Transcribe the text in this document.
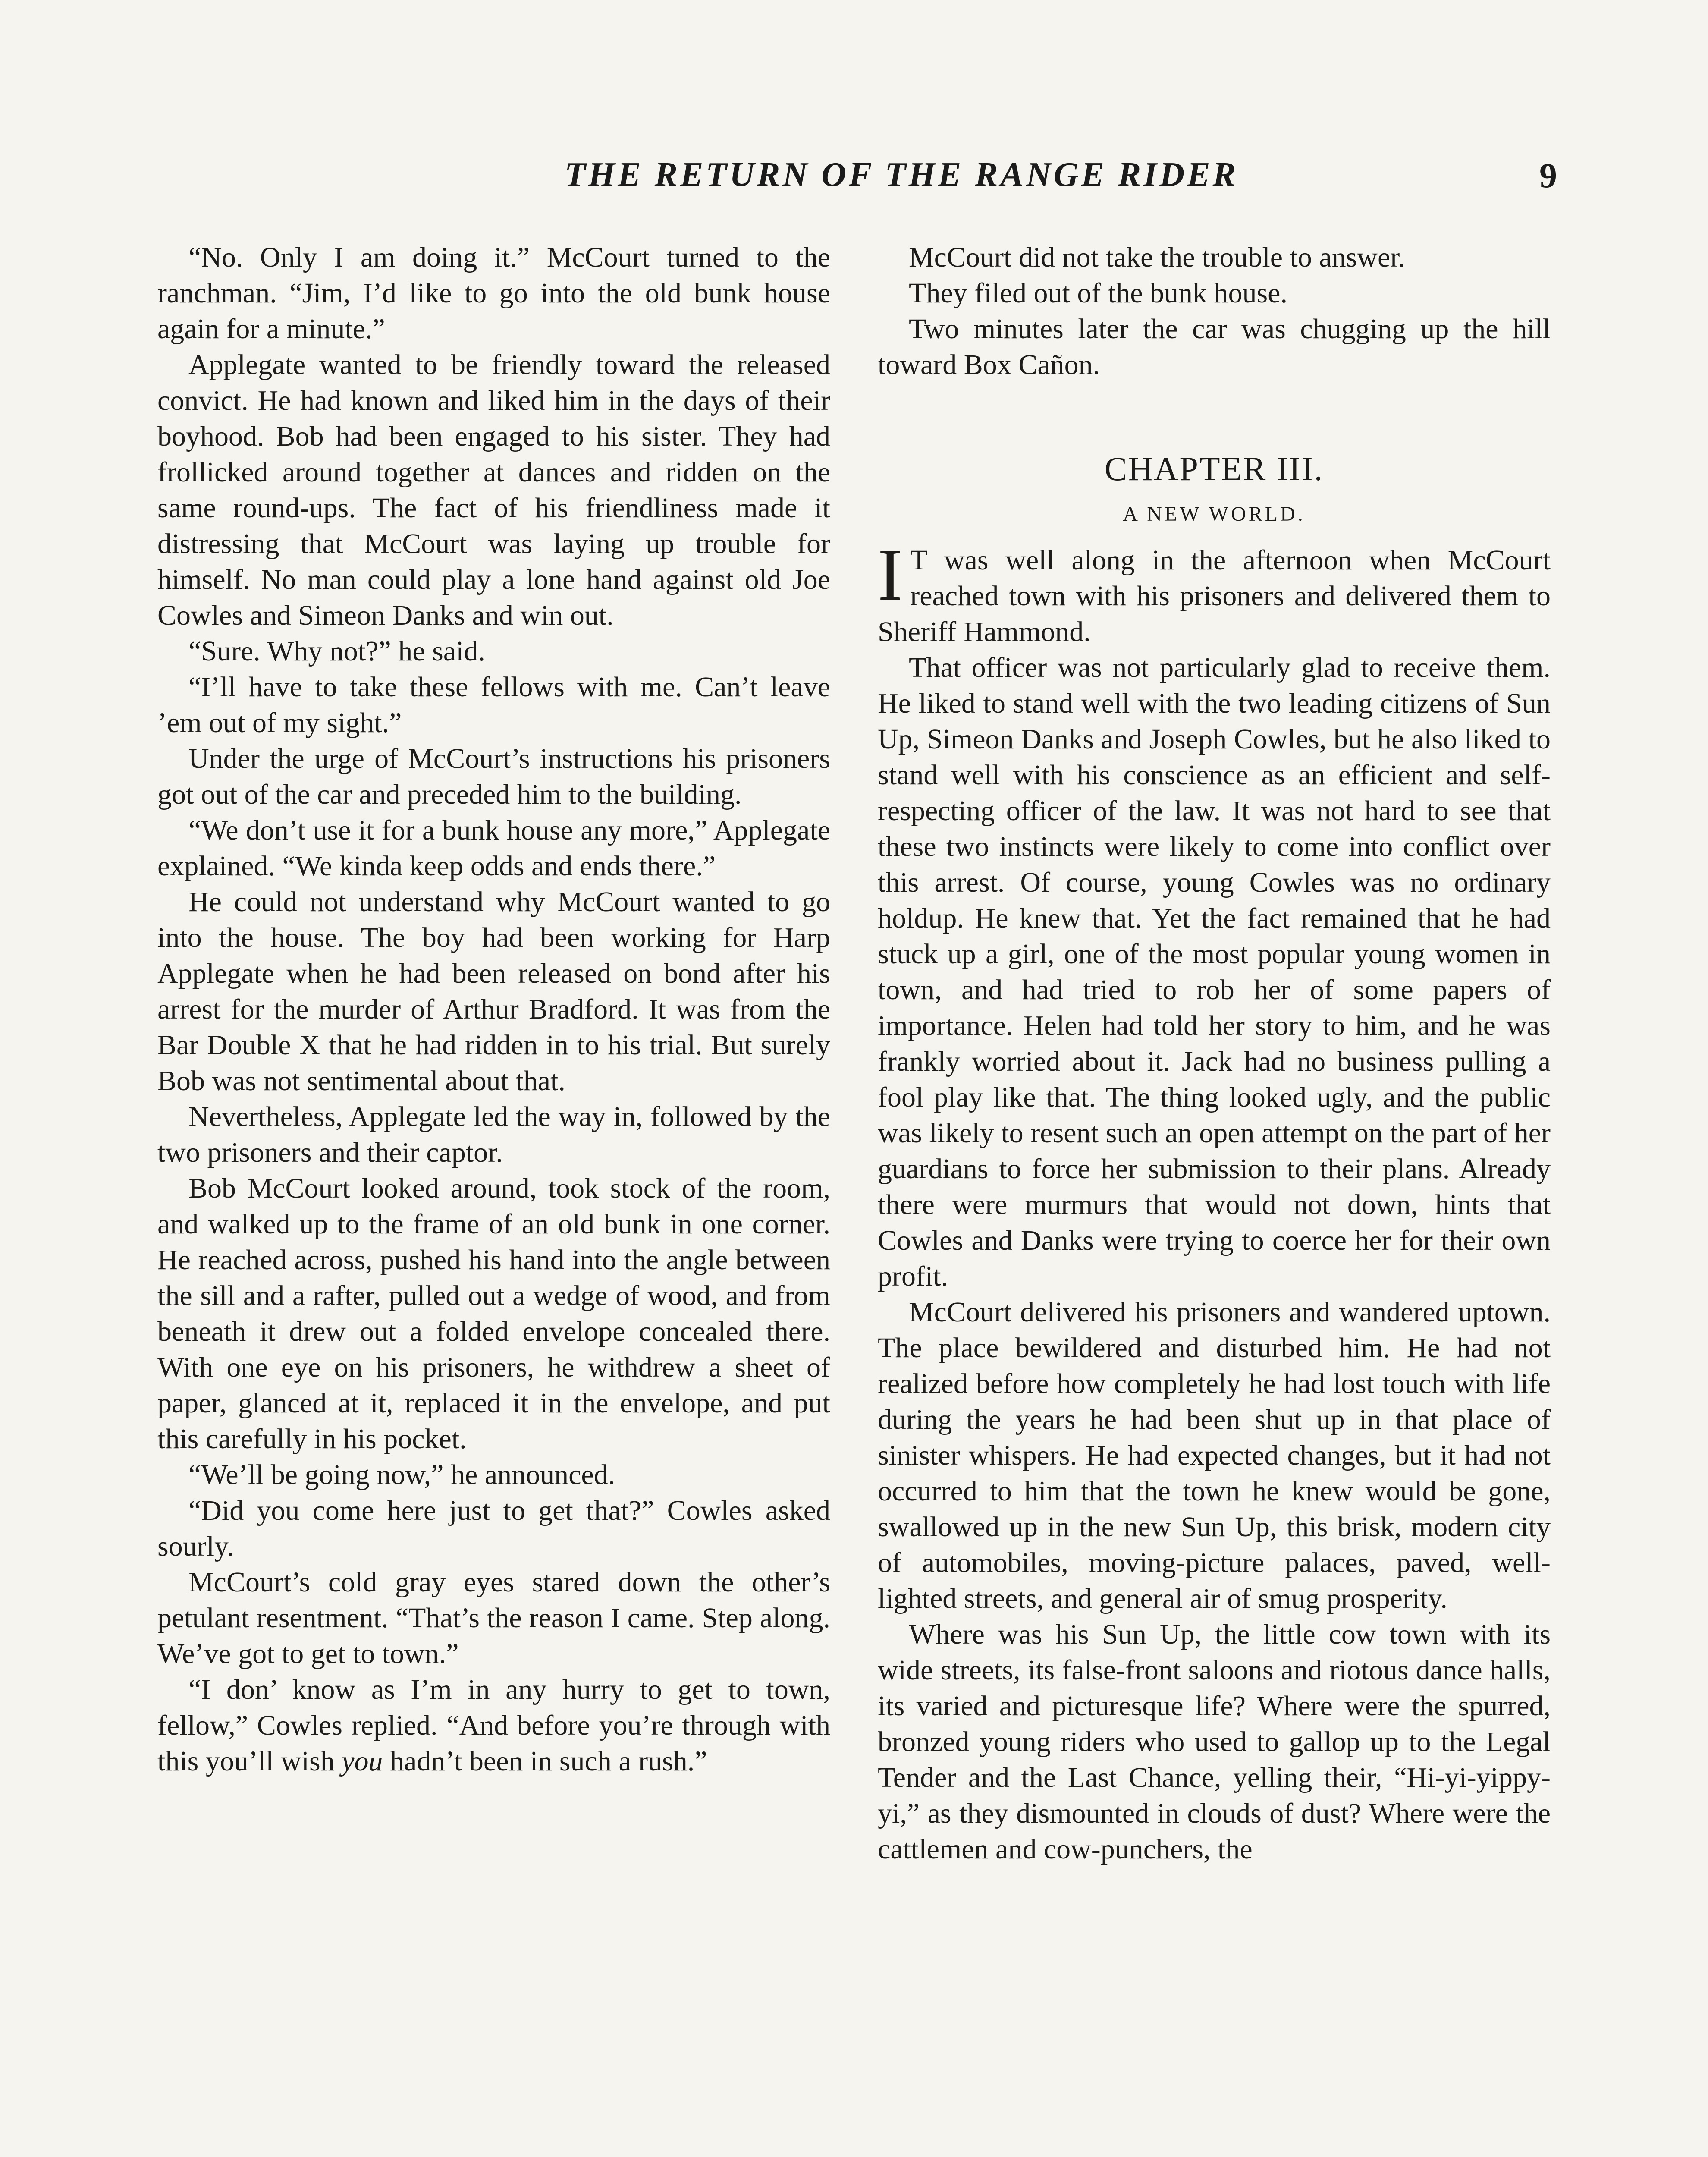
THE RETURN OF THE RANGE RIDER	9

“No. Only I am doing it.” McCourt turned to the ranchman. “Jim, I’d like to go into the old bunk house again for a minute.”

Applegate wanted to be friendly toward the released convict. He had known and liked him in the days of their boyhood. Bob had been engaged to his sister. They had frollicked around together at dances and ridden on the same round-ups. The fact of his friendliness made it distressing that McCourt was laying up trouble for himself. No man could play a lone hand against old Joe Cowles and Simeon Danks and win out.

“Sure. Why not?” he said.

“I’ll have to take these fellows with me. Can’t leave ’em out of my sight.”

Under the urge of McCourt’s instructions his prisoners got out of the car and preceded him to the building.

“We don’t use it for a bunk house any more,” Applegate explained. “We kinda keep odds and ends there.”

He could not understand why McCourt wanted to go into the house. The boy had been working for Harp Applegate when he had been released on bond after his arrest for the murder of Arthur Bradford. It was from the Bar Double X that he had ridden in to his trial. But surely Bob was not sentimental about that.

Nevertheless, Applegate led the way in, followed by the two prisoners and their captor.

Bob McCourt looked around, took stock of the room, and walked up to the frame of an old bunk in one corner. He reached across, pushed his hand into the angle between the sill and a rafter, pulled out a wedge of wood, and from beneath it drew out a folded envelope concealed there. With one eye on his prisoners, he withdrew a sheet of paper, glanced at it, replaced it in the envelope, and put this carefully in his pocket.

“We’ll be going now,” he announced.

“Did you come here just to get that?” Cowles asked sourly.

McCourt’s cold gray eyes stared down the other’s petulant resentment. “That’s the reason I came. Step along. We’ve got to get to town.”

“I don’ know as I’m in any hurry to get to town, fellow,” Cowles replied. “And before you’re through with this you’ll wish you hadn’t been in such a rush.”

McCourt did not take the trouble to answer.

They filed out of the bunk house.

Two minutes later the car was chugging up the hill toward Box Cañon.

CHAPTER III.
A NEW WORLD.

I T was well along in the afternoon when McCourt reached town with his prisoners and delivered them to Sheriff Hammond.

That officer was not particularly glad to receive them. He liked to stand well with the two leading citizens of Sun Up, Simeon Danks and Joseph Cowles, but he also liked to stand well with his conscience as an efficient and self-respecting officer of the law. It was not hard to see that these two instincts were likely to come into conflict over this arrest. Of course, young Cowles was no ordinary holdup. He knew that. Yet the fact remained that he had stuck up a girl, one of the most popular young women in town, and had tried to rob her of some papers of importance. Helen had told her story to him, and he was frankly worried about it. Jack had no business pulling a fool play like that. The thing looked ugly, and the public was likely to resent such an open attempt on the part of her guardians to force her submission to their plans. Already there were murmurs that would not down, hints that Cowles and Danks were trying to coerce her for their own profit.

McCourt delivered his prisoners and wandered uptown. The place bewildered and disturbed him. He had not realized before how completely he had lost touch with life during the years he had been shut up in that place of sinister whispers. He had expected changes, but it had not occurred to him that the town he knew would be gone, swallowed up in the new Sun Up, this brisk, modern city of automobiles, moving-picture palaces, paved, well-lighted streets, and general air of smug prosperity.

Where was his Sun Up, the little cow town with its wide streets, its false-front saloons and riotous dance halls, its varied and picturesque life? Where were the spurred, bronzed young riders who used to gallop up to the Legal Tender and the Last Chance, yelling their, “Hi-yi-yippy-yi,” as they dismounted in clouds of dust? Where were the cattlemen and cow-punchers, the
